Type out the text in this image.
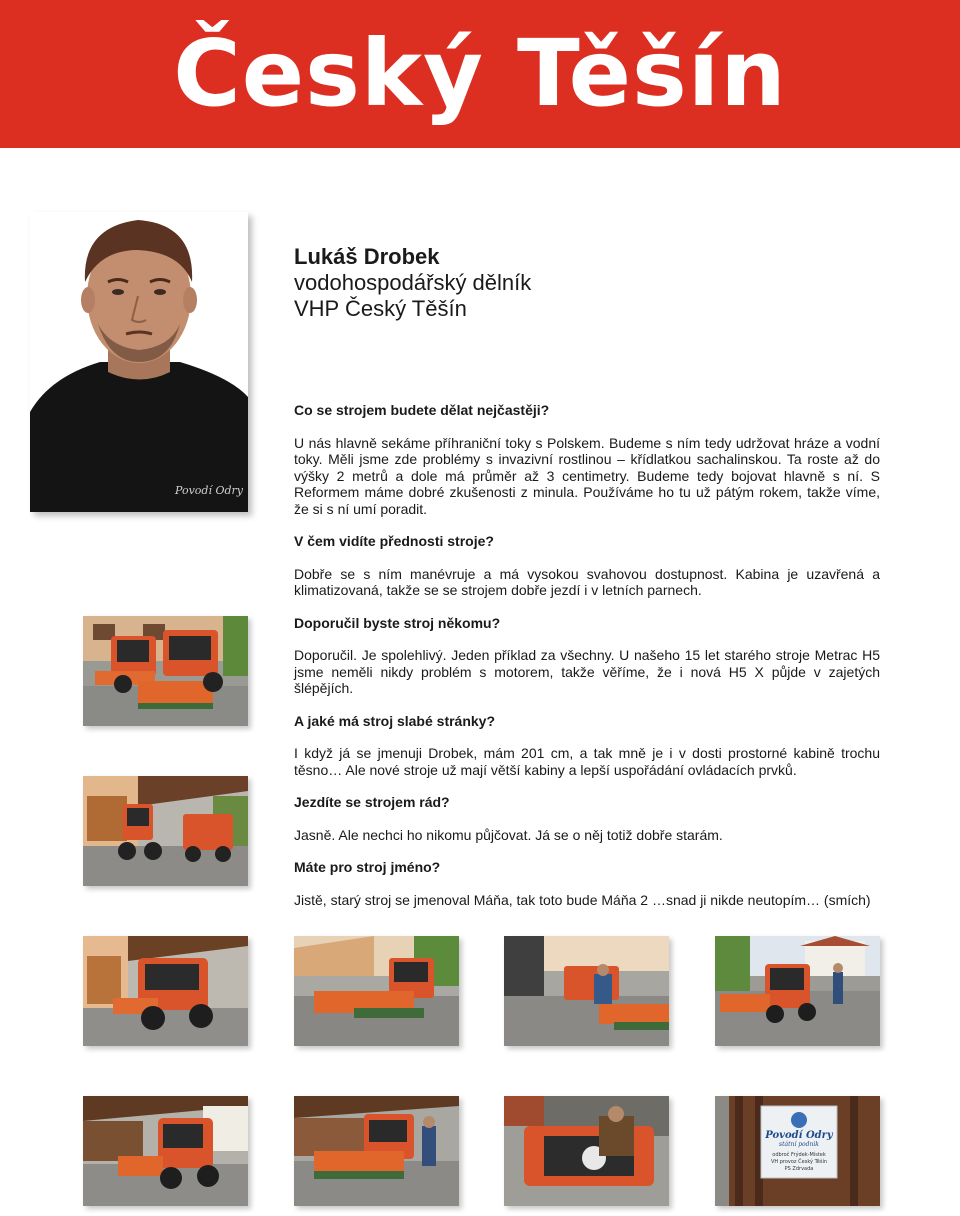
Český Těšín
Povodí Odry
Lukáš Drobek
vodohospodářský dělník
VHP Český Těšín
Co se strojem budete dělat nejčastěji?
U nás hlavně sekáme příhraniční toky s Polskem. Budeme s ním tedy udržovat hráze a vodní toky. Měli jsme zde problémy s invazivní rostlinou – křídlatkou sachalinskou. Ta roste až do výšky 2 metrů a dole má průměr až 3 centimetry. Budeme tedy bojovat hlavně s ní. S Reformem máme dobré zkušenosti z minula. Používáme ho tu už pátým rokem, takže víme, že si s ní umí poradit.
V čem vidíte přednosti stroje?
Dobře se s ním manévruje a má vysokou svahovou dostupnost. Kabina je uzavřená a klimatizovaná, takže se se strojem dobře jezdí i v letních parnech.
Doporučil byste stroj někomu?
Doporučil. Je spolehlivý. Jeden příklad za všechny. U našeho 15 let starého stroje Metrac H5 jsme neměli nikdy problém s motorem, takže věříme, že i nová H5 X půjde v zajetých šlépějích.
A jaké má stroj slabé stránky?
I když já se jmenuji Drobek, mám 201 cm, a tak mně je i v dosti prostorné kabině trochu těsno… Ale nové stroje už mají větší kabiny a lepší uspořádání ovládacích prvků.
Jezdíte se strojem rád?
Jasně. Ale nechci ho nikomu půjčovat. Já se o něj totiž dobře starám.
Máte pro stroj jméno?
Jistě, starý stroj se jmenoval Máňa, tak toto bude Máňa 2 …snad ji nikde neutopím… (smích)
Povodí Odry
státní podnik
odbroč Frýdek-Místek
VH provoz Český Těšín
PS Zdrvada
